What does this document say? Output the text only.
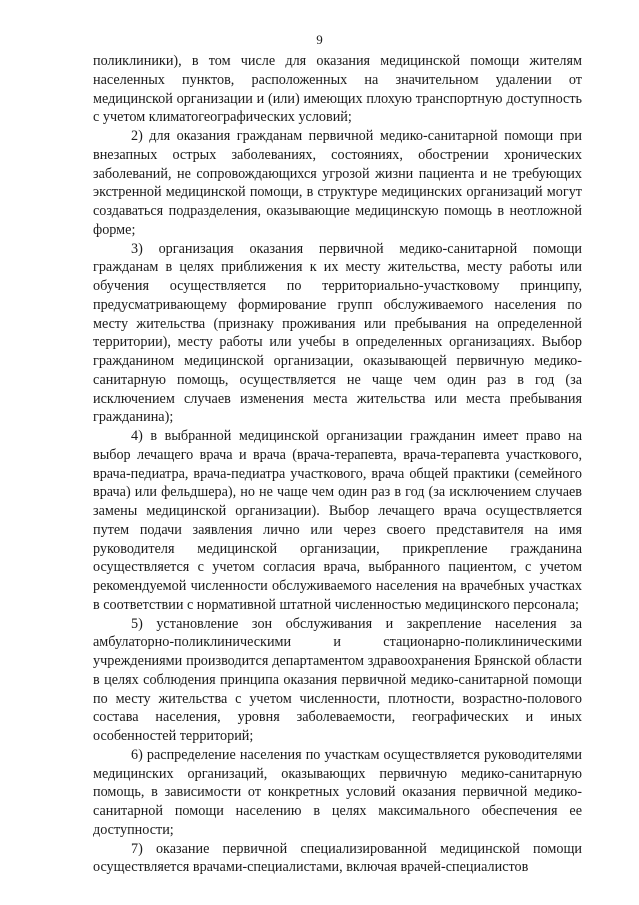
9

поликлиники), в том числе для оказания медицинской помощи жителям населенных пунктов, расположенных на значительном удалении от медицинской организации и (или) имеющих плохую транспортную доступность с учетом климатогеографических условий;

2) для оказания гражданам первичной медико-санитарной помощи при внезапных острых заболеваниях, состояниях, обострении хронических заболеваний, не сопровождающихся угрозой жизни пациента и не требующих экстренной медицинской помощи, в структуре медицинских организаций могут создаваться подразделения, оказывающие медицинскую помощь в неотложной форме;

3) организация оказания первичной медико-санитарной помощи гражданам в целях приближения к их месту жительства, месту работы или обучения осуществляется по территориально-участковому принципу, предусматривающему формирование групп обслуживаемого населения по месту жительства (признаку проживания или пребывания на определенной территории), месту работы или учебы в определенных организациях. Выбор гражданином медицинской организации, оказывающей первичную медико-санитарную помощь, осуществляется не чаще чем один раз в год (за исключением случаев изменения места жительства или места пребывания гражданина);

4) в выбранной медицинской организации гражданин имеет право на выбор лечащего врача и врача (врача-терапевта, врача-терапевта участкового, врача-педиатра, врача-педиатра участкового, врача общей практики (семейного врача) или фельдшера), но не чаще чем один раз в год (за исключением случаев замены медицинской организации). Выбор лечащего врача осуществляется путем подачи заявления лично или через своего представителя на имя руководителя медицинской организации, прикрепление гражданина осуществляется с учетом согласия врача, выбранного пациентом, с учетом рекомендуемой численности обслуживаемого населения на врачебных участках в соответствии с нормативной штатной численностью медицинского персонала;

5) установление зон обслуживания и закрепление населения за амбулаторно-поликлиническими и стационарно-поликлиническими учреждениями производится департаментом здравоохранения Брянской области в целях соблюдения принципа оказания первичной медико-санитарной помощи по месту жительства с учетом численности, плотности, возрастно-полового состава населения, уровня заболеваемости, географических и иных особенностей территорий;

6) распределение населения по участкам осуществляется руководителями медицинских организаций, оказывающих первичную медико-санитарную помощь, в зависимости от конкретных условий оказания первичной медико-санитарной помощи населению в целях максимального обеспечения ее доступности;

7) оказание первичной специализированной медицинской помощи осуществляется врачами-специалистами, включая врачей-специалистов
